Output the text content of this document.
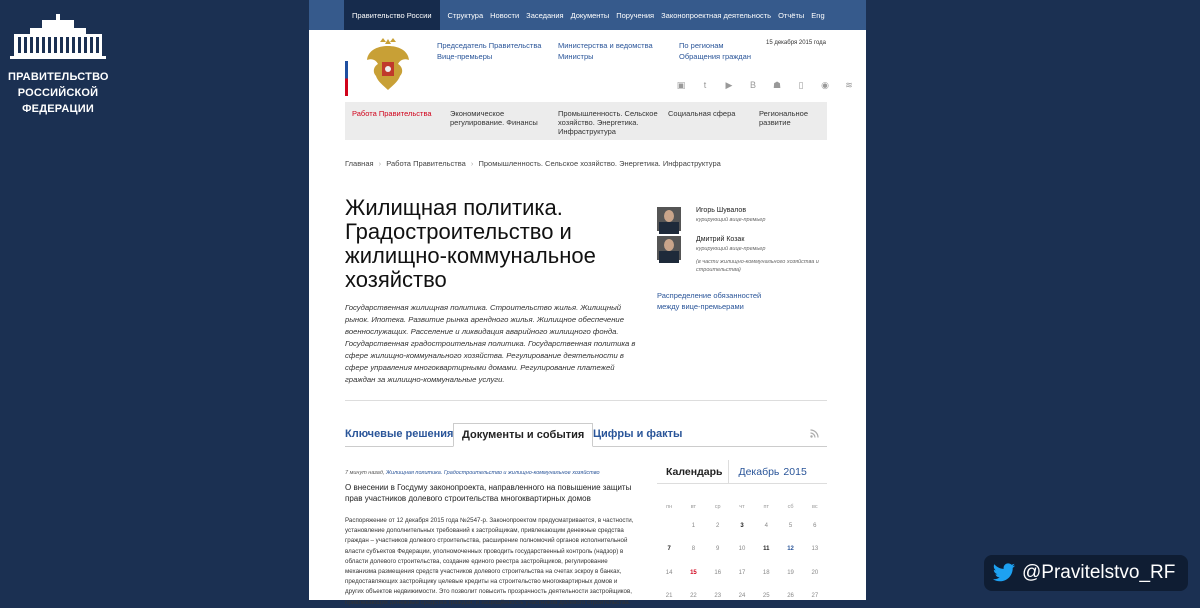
ПРАВИТЕЛЬСТВО
РОССИЙСКОЙ
ФЕДЕРАЦИИ
@Pravitelstvo_RF
Правительство России	Структура Новости Заседания Документы Поручения Законопроектная деятельность Отчёты Eng
Председатель Правительства
Вице-премьеры
Министерства и ведомства
Министры
По регионам
Обращения граждан
15 декабря 2015 года
▣	t	▶	B	☗	▯	◉	≋
Работа Правительства Экономическое
регулирование. Финансы
Промышленность. Сельское
хозяйство. Энергетика.
Инфраструктура
Социальная сфера	Региональное
развитие
Главная › Работа Правительства › Промышленность. Сельское хозяйство. Энергетика. Инфраструктура
Жилищная политика. Градостроительство и жилищно-коммунальное хозяйство

Государственная жилищная политика. Строительство жилья. Жилищный рынок. Ипотека. Развитие рынка арендного жилья. Жилищное обеспечение военнослужащих. Расселение и ликвидация аварийного жилищного фонда. Государственная градостроительная политика. Государственная политика в сфере жилищно-коммунального хозяйства. Регулирование деятельности в сфере управления многоквартирными домами. Регулирование платежей граждан за жилищно-коммунальные услуги.

Игорь Шувалов
курирующий вице-премьер
Дмитрий Козак
курирующий вице-премьер
(в части жилищно-коммунального хозяйства и строительства)
Распределение обязанностей
между вице-премьерами
Ключевые решения Документы и события Цифры и факты
7 минут назад, Жилищная политика. Градостроительство и жилищно-коммунальное хозяйство
О внесении в Госдуму законопроекта, направленного на повышение защиты прав участников долевого строительства многоквартирных домов
Распоряжение от 12 декабря 2015 года №2547-р. Законопроектом предусматривается, в частности, установление дополнительных требований к застройщикам, привлекающим денежные средства граждан – участников долевого строительства, расширение полномочий органов исполнительной власти субъектов Федерации, уполномоченных проводить государственный контроль (надзор) в области долевого строительства, создание единого реестра застройщиков, регулирование механизма размещения средств участников долевого строительства на счетах эскроу в банках, предоставляющих застройщику целевые кредиты на строительство многоквартирных домов и других объектов недвижимости. Это позволит повысить прозрачность деятельности застройщиков, привлекающих денежные средства граждан, и защищённость участников долевого строительства.
Календарь	Декабрь 2015
пн	вт	ср	чт	пт	сб	вс
	1	2	3	4	5	6
7	8	9	10	11	12	13
14	15	16	17	18	19	20
21	22	23	24	25	26	27
